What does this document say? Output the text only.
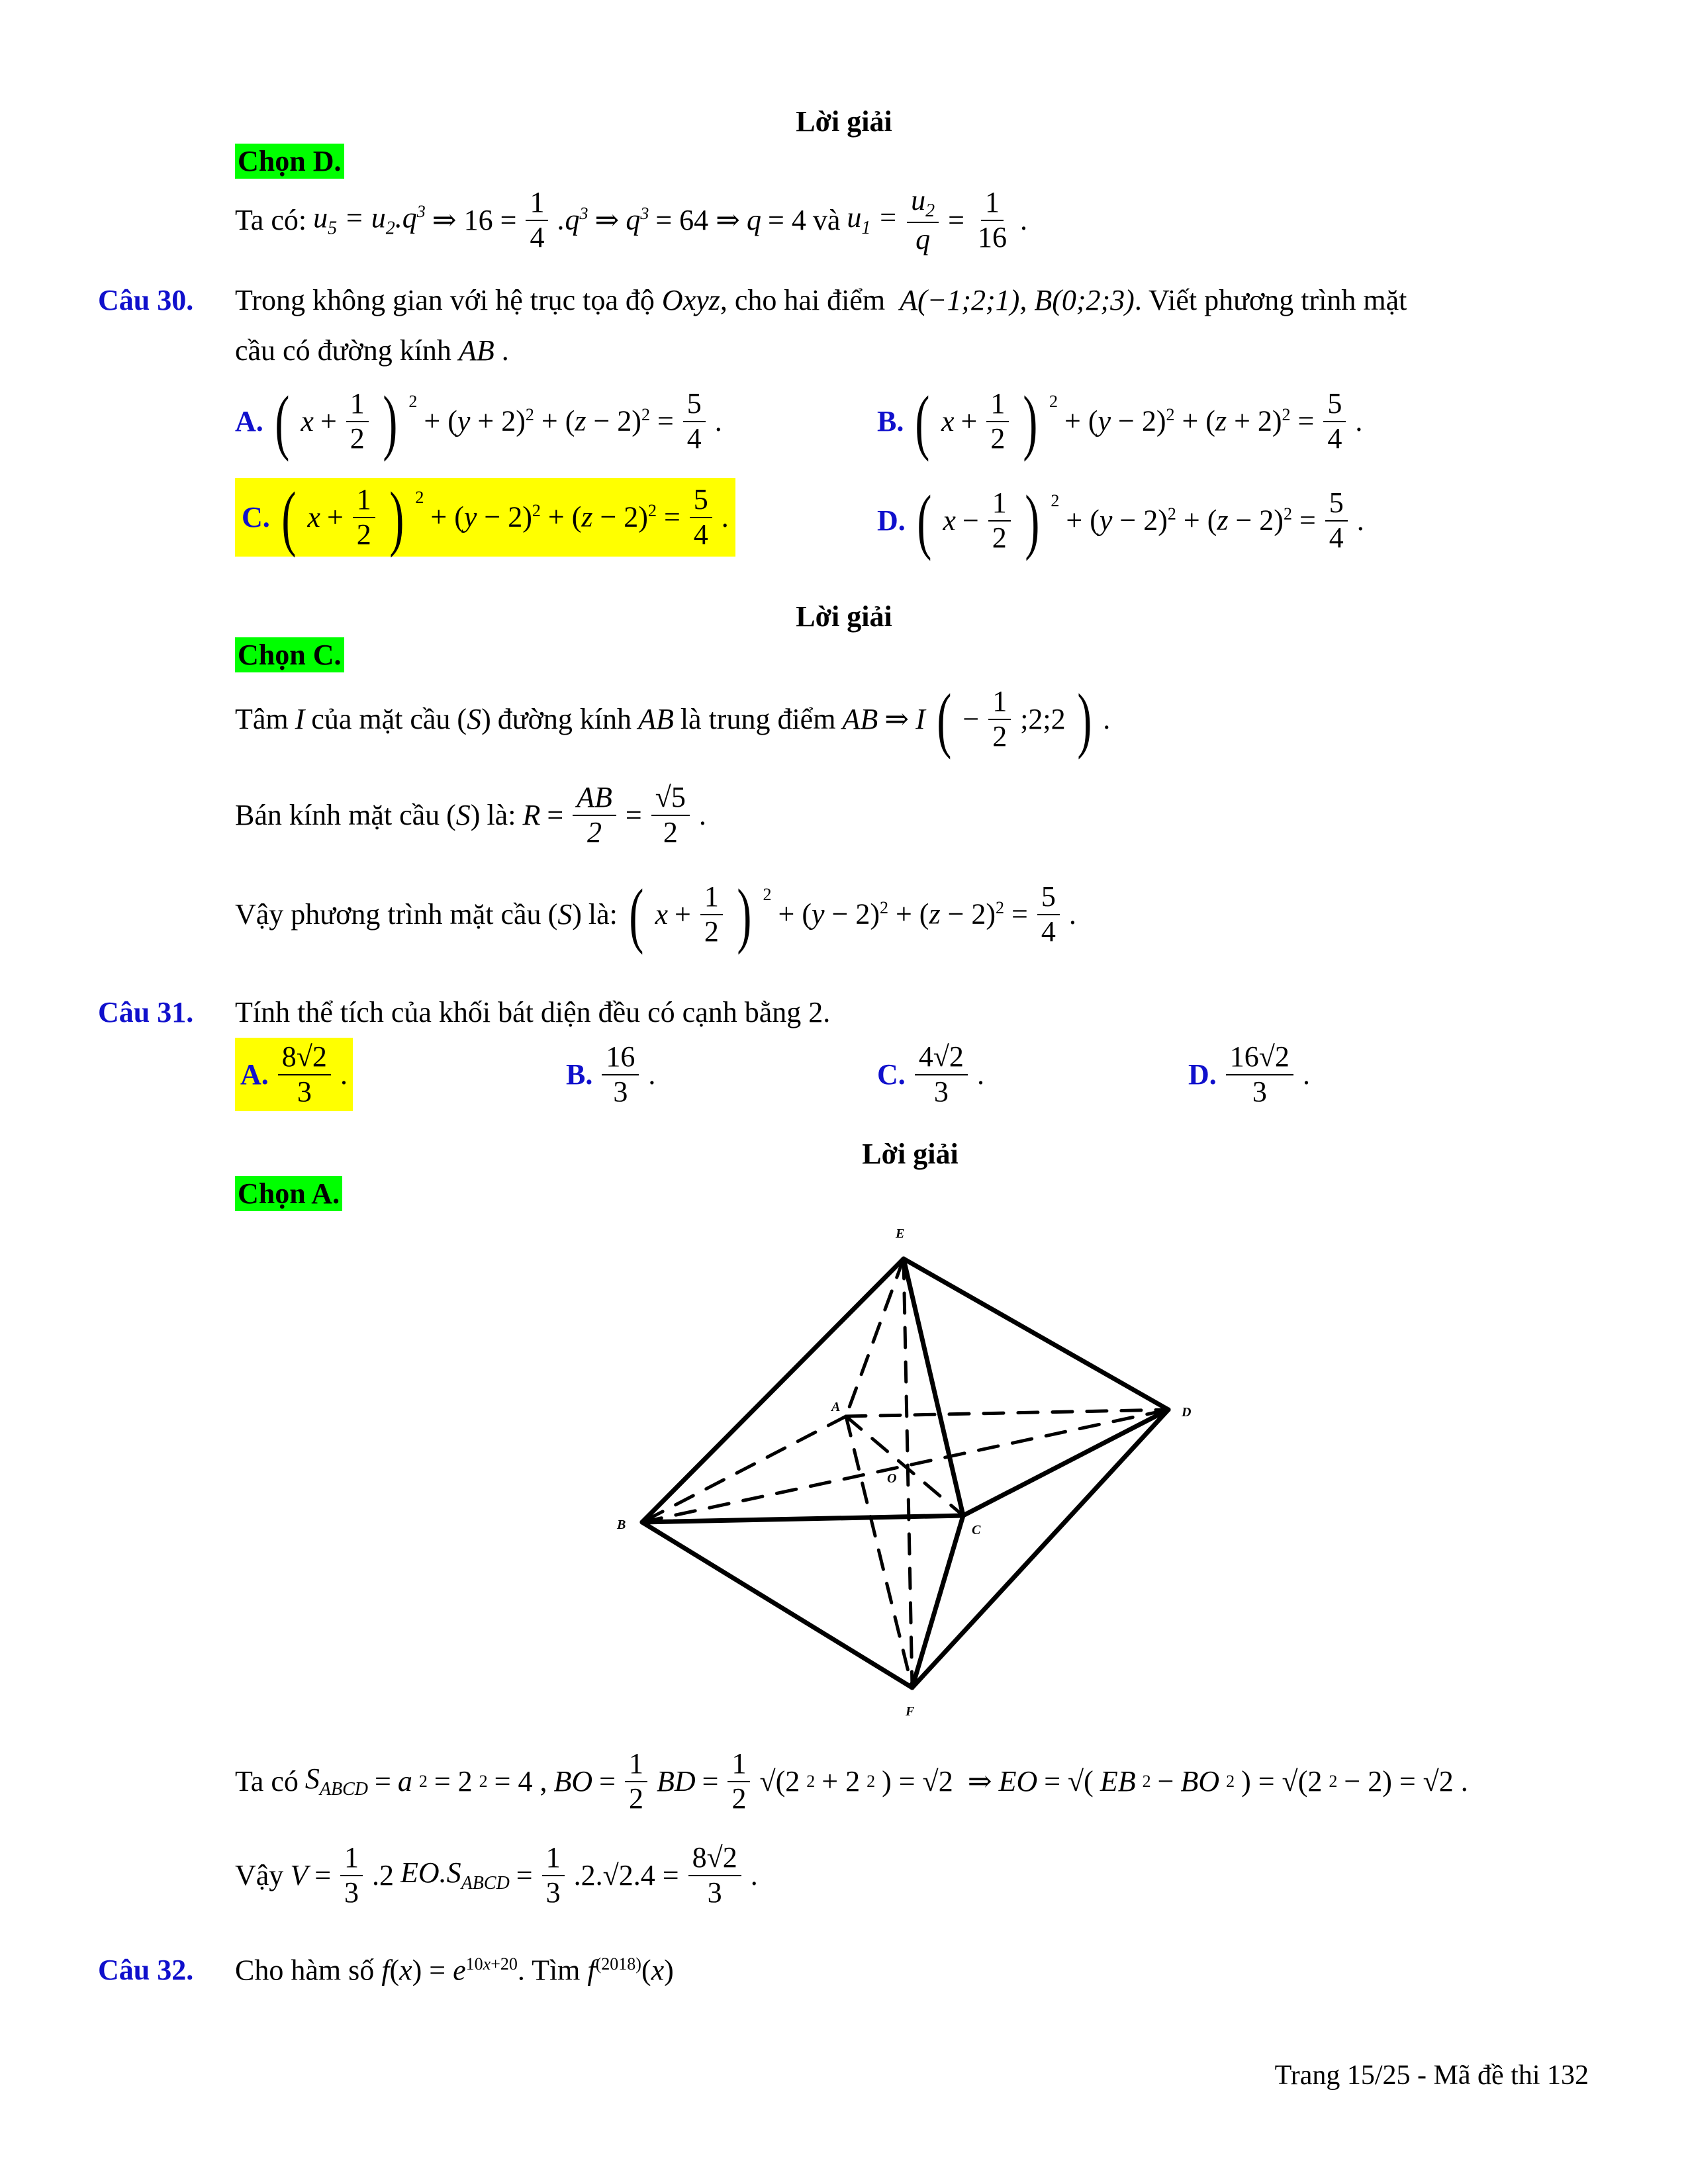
Lời giải
Chọn D.
Ta có: $u_5 = u_2.q^3$ ⇒ $16 = \frac{1}{4} .q^3$ ⇒ $q^3 = 64$ ⇒ q = 4 và $u_1 = \frac{u_2}{q} = \frac{1}{16}$ .
Câu 30. Trong không gian với hệ trục tọa độ Oxyz, cho hai điểm A(−1;2;1), B(0;2;3). Viết phương trình mặt
cầu có đường kính AB .
A. ( $x + \frac{1}{2}$ ) $^2$
+ $(y + 2)^2 + (z - 2)^2 = \frac{5}{4}$ .	B. ( $x + \frac{1}{2}$ ) $^2$
+ $(y - 2)^2 + (z + 2)^2 = \frac{5}{4}$ .
C. ( $x + \frac{1}{2}$ ) $^2$
+ $(y - 2)^2 + (z - 2)^2 = \frac{5}{4}$ .	D. ( $x - \frac{1}{2}$ ) $^2$
+ $(y - 2)^2 + (z - 2)^2 = \frac{5}{4}$ .
Lời giải
Chọn C.
Tâm I của mặt cầu (S) đường kính AB là trung điểm AB ⇒ I ( − $\frac{1}{2}$ ;2;2 ) .
Bán kính mặt cầu (S) là: $R = \frac{AB}{2} = \frac{√5}{2}$ .
Vậy phương trình mặt cầu (S) là: ( $x + \frac{1}{2}$ ) $^2$
+ $(y - 2)^2 + (z - 2)^2 = \frac{5}{4}$ .
Câu 31. Tính thể tích của khối bát diện đều có cạnh bằng 2.
A. $\frac{8√2}{3}$ .	B. $\frac{16}{3}$ .	C. $\frac{4√2}{3}$ .	D. $\frac{16√2}{3}$ .
Lời giải
Chọn A.
E
A	D
O
B	C
F
Ta có $S_{ABCD} = a$ 2 = 2 2 = 4 , BO = $\frac{1}{2}$ BD = $\frac{1}{2} √(2$ 2 + 2 2 ) = √2  ⇒ EO = √( EB 2 − BO 2 ) = √(2 2 − 2) = √2 .
Vậy $V = \frac{1}{3} .2$ $EO.S_{ABCD} = \frac{1}{3} .2.√2.4 = \frac{8√2}{3}$ .
Câu 32. Cho hàm số $f(x) = e^{10x+20}$. Tìm $f^{(2018)}(x)$
Trang 15/25 - Mã đề thi 132
